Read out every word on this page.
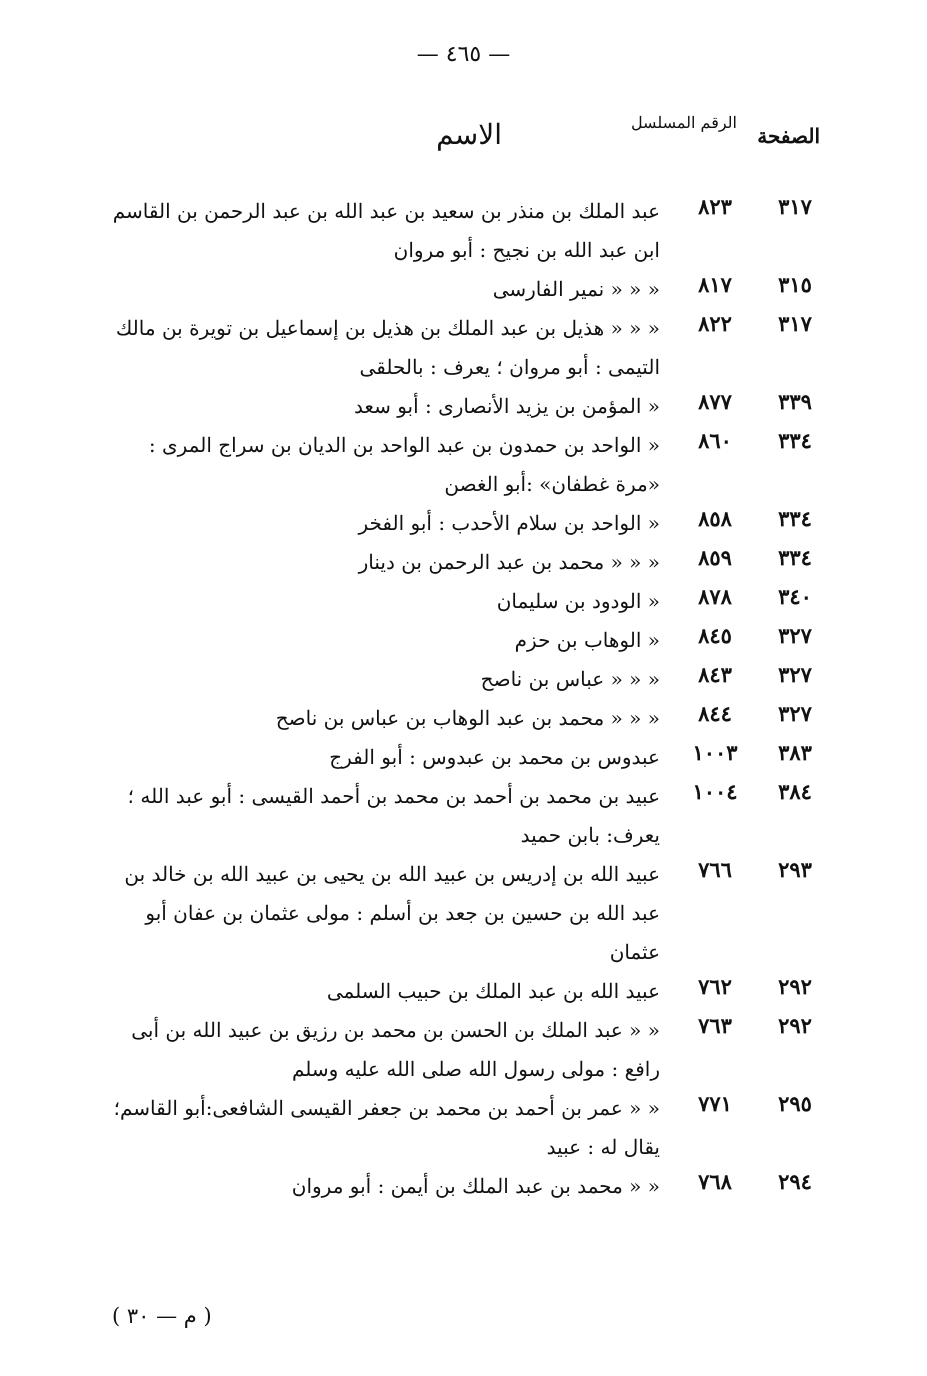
— ٤٦٥ —
الصفحة
الرقم المسلسل
الاسم
٣١٧
٨٢٣
عبد الملك بن منذر بن سعيد بن عبد الله بن عبد الرحمن بن القاسم ابن عبد الله بن نجيح : أبو مروان
٣١٥
٨١٧
« « « نمير الفارسى
٣١٧
٨٢٢
« « « هذيل بن عبد الملك بن هذيل بن إسماعيل بن تويرة بن مالك التيمى : أبو مروان ؛ يعرف : بالحلقى
٣٣٩
٨٧٧
« المؤمن بن يزيد الأنصارى : أبو سعد
٣٣٤
٨٦٠
« الواحد بن حمدون بن عبد الواحد بن الديان بن سراج المرى : «مرة غطفان» :أبو الغصن
٣٣٤
٨٥٨
« الواحد بن سلام الأحدب : أبو الفخر
٣٣٤
٨٥٩
« « « محمد بن عبد الرحمن بن دينار
٣٤٠
٨٧٨
« الودود بن سليمان
٣٢٧
٨٤٥
« الوهاب بن حزم
٣٢٧
٨٤٣
« « « عباس بن ناصح
٣٢٧
٨٤٤
« « « محمد بن عبد الوهاب بن عباس بن ناصح
٣٨٣
١٠٠٣
عبدوس بن محمد بن عبدوس : أبو الفرج
٣٨٤
١٠٠٤
عبيد بن محمد بن أحمد بن محمد بن أحمد القيسى : أبو عبد الله ؛ يعرف: بابن حميد
٢٩٣
٧٦٦
عبيد الله بن إدريس بن عبيد الله بن يحيى بن عبيد الله بن خالد بن عبد الله بن حسين بن جعد بن أسلم : مولى عثمان بن عفان أبو عثمان
٢٩٢
٧٦٢
عبيد الله بن عبد الملك بن حبيب السلمى
٢٩٢
٧٦٣
« « عبد الملك بن الحسن بن محمد بن رزيق بن عبيد الله بن أبى رافع : مولى رسول الله صلى الله عليه وسلم
٢٩٥
٧٧١
« « عمر بن أحمد بن محمد بن جعفر القيسى الشافعى:أبو القاسم؛ يقال له : عبيد
٢٩٤
٧٦٨
« « محمد بن عبد الملك بن أيمن : أبو مروان
( م — ٣٠ )
